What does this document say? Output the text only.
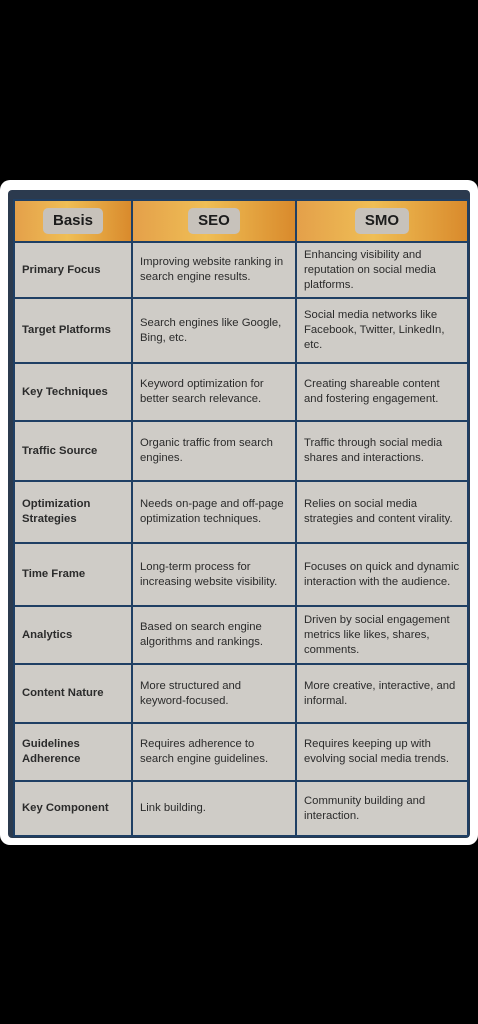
Basis	SEO	SMO
Primary Focus	Improving website ranking in search engine results.	Enhancing visibility and reputation on social media platforms.
Target Platforms	Search engines like Google, Bing, etc.	Social media networks like Facebook, Twitter, LinkedIn, etc.
Key Techniques	Keyword optimization for better search relevance.	Creating shareable content and fostering engagement.
Traffic Source	Organic traffic from search engines.	Traffic through social media shares and interactions.
Optimization Strategies	Needs on-page and off-page optimization techniques.	Relies on social media strategies and content virality.
Time Frame	Long-term process for increasing website visibility.	Focuses on quick and dynamic interaction with the audience.
Analytics	Based on search engine algorithms and rankings.	Driven by social engagement metrics like likes, shares, comments.
Content Nature	More structured and keyword-focused.	More creative, interactive, and informal.
Guidelines Adherence	Requires adherence to search engine guidelines.	Requires keeping up with evolving social media trends.
Key Component	Link building.	Community building and interaction.
